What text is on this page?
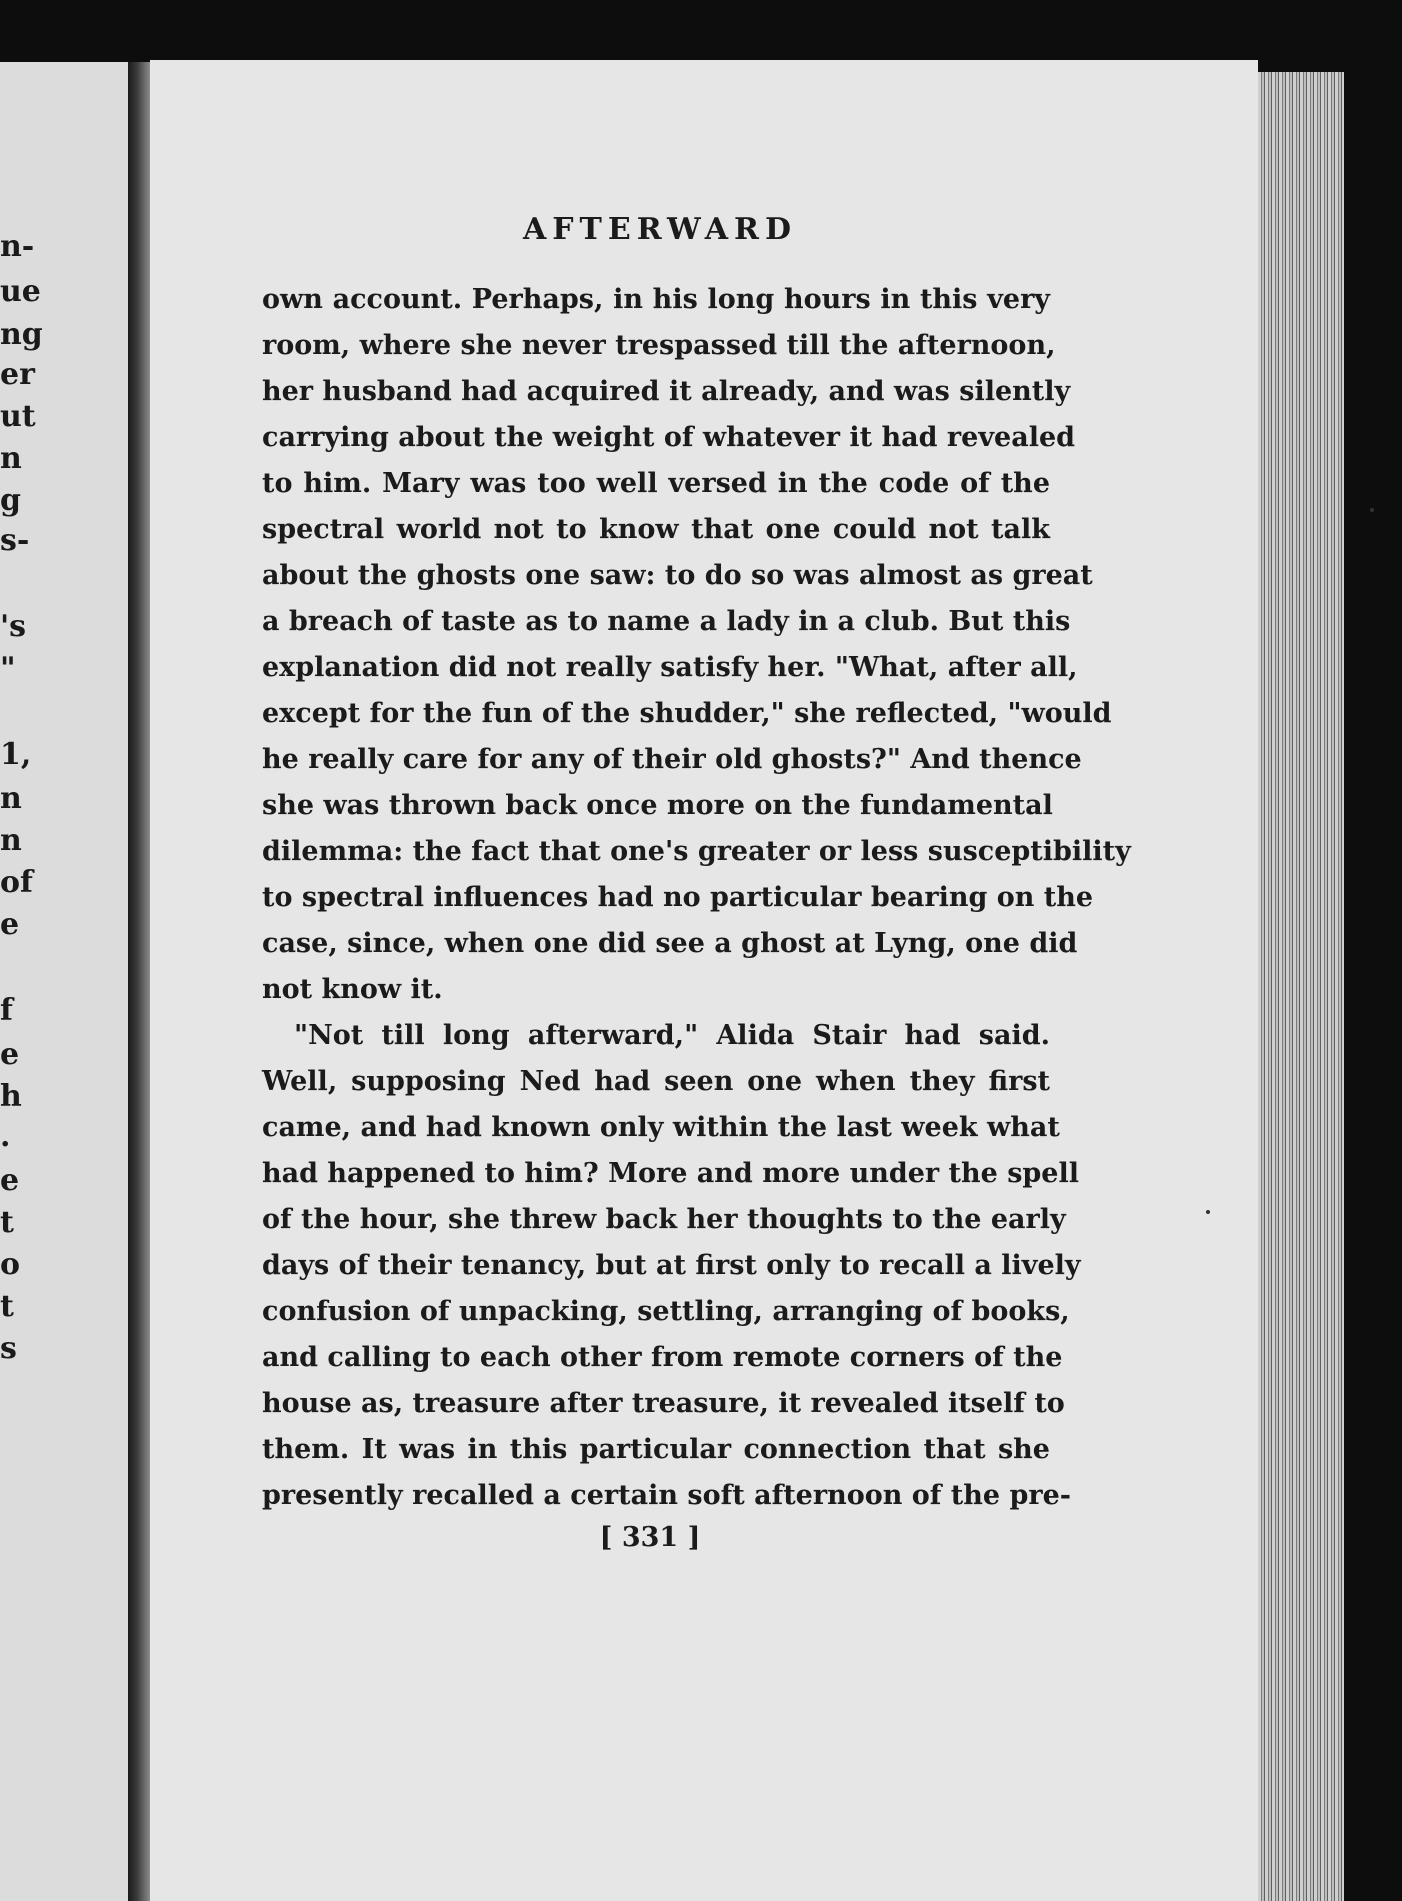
n-
ue
ng
er
ut
n
g
s-
's
"
1,
n
n
of
e
f
e
h
.
e
t
o
t
s
AFTERWARD
own account. Perhaps, in his long hours in this very
room, where she never trespassed till the afternoon,
her husband had acquired it already, and was silently
carrying about the weight of whatever it had revealed
to him. Mary was too well versed in the code of the
spectral world not to know that one could not talk
about the ghosts one saw: to do so was almost as great
a breach of taste as to name a lady in a club. But this
explanation did not really satisfy her. "What, after all,
except for the fun of the shudder," she reflected, "would
he really care for any of their old ghosts?" And thence
she was thrown back once more on the fundamental
dilemma: the fact that one's greater or less susceptibility
to spectral influences had no particular bearing on the
case, since, when one did see a ghost at Lyng, one did
not know it.
"Not till long afterward," Alida Stair had said.
Well, supposing Ned had seen one when they first
came, and had known only within the last week what
had happened to him? More and more under the spell
of the hour, she threw back her thoughts to the early
days of their tenancy, but at first only to recall a lively
confusion of unpacking, settling, arranging of books,
and calling to each other from remote corners of the
house as, treasure after treasure, it revealed itself to
them. It was in this particular connection that she
presently recalled a certain soft afternoon of the pre-
[ 331 ]
